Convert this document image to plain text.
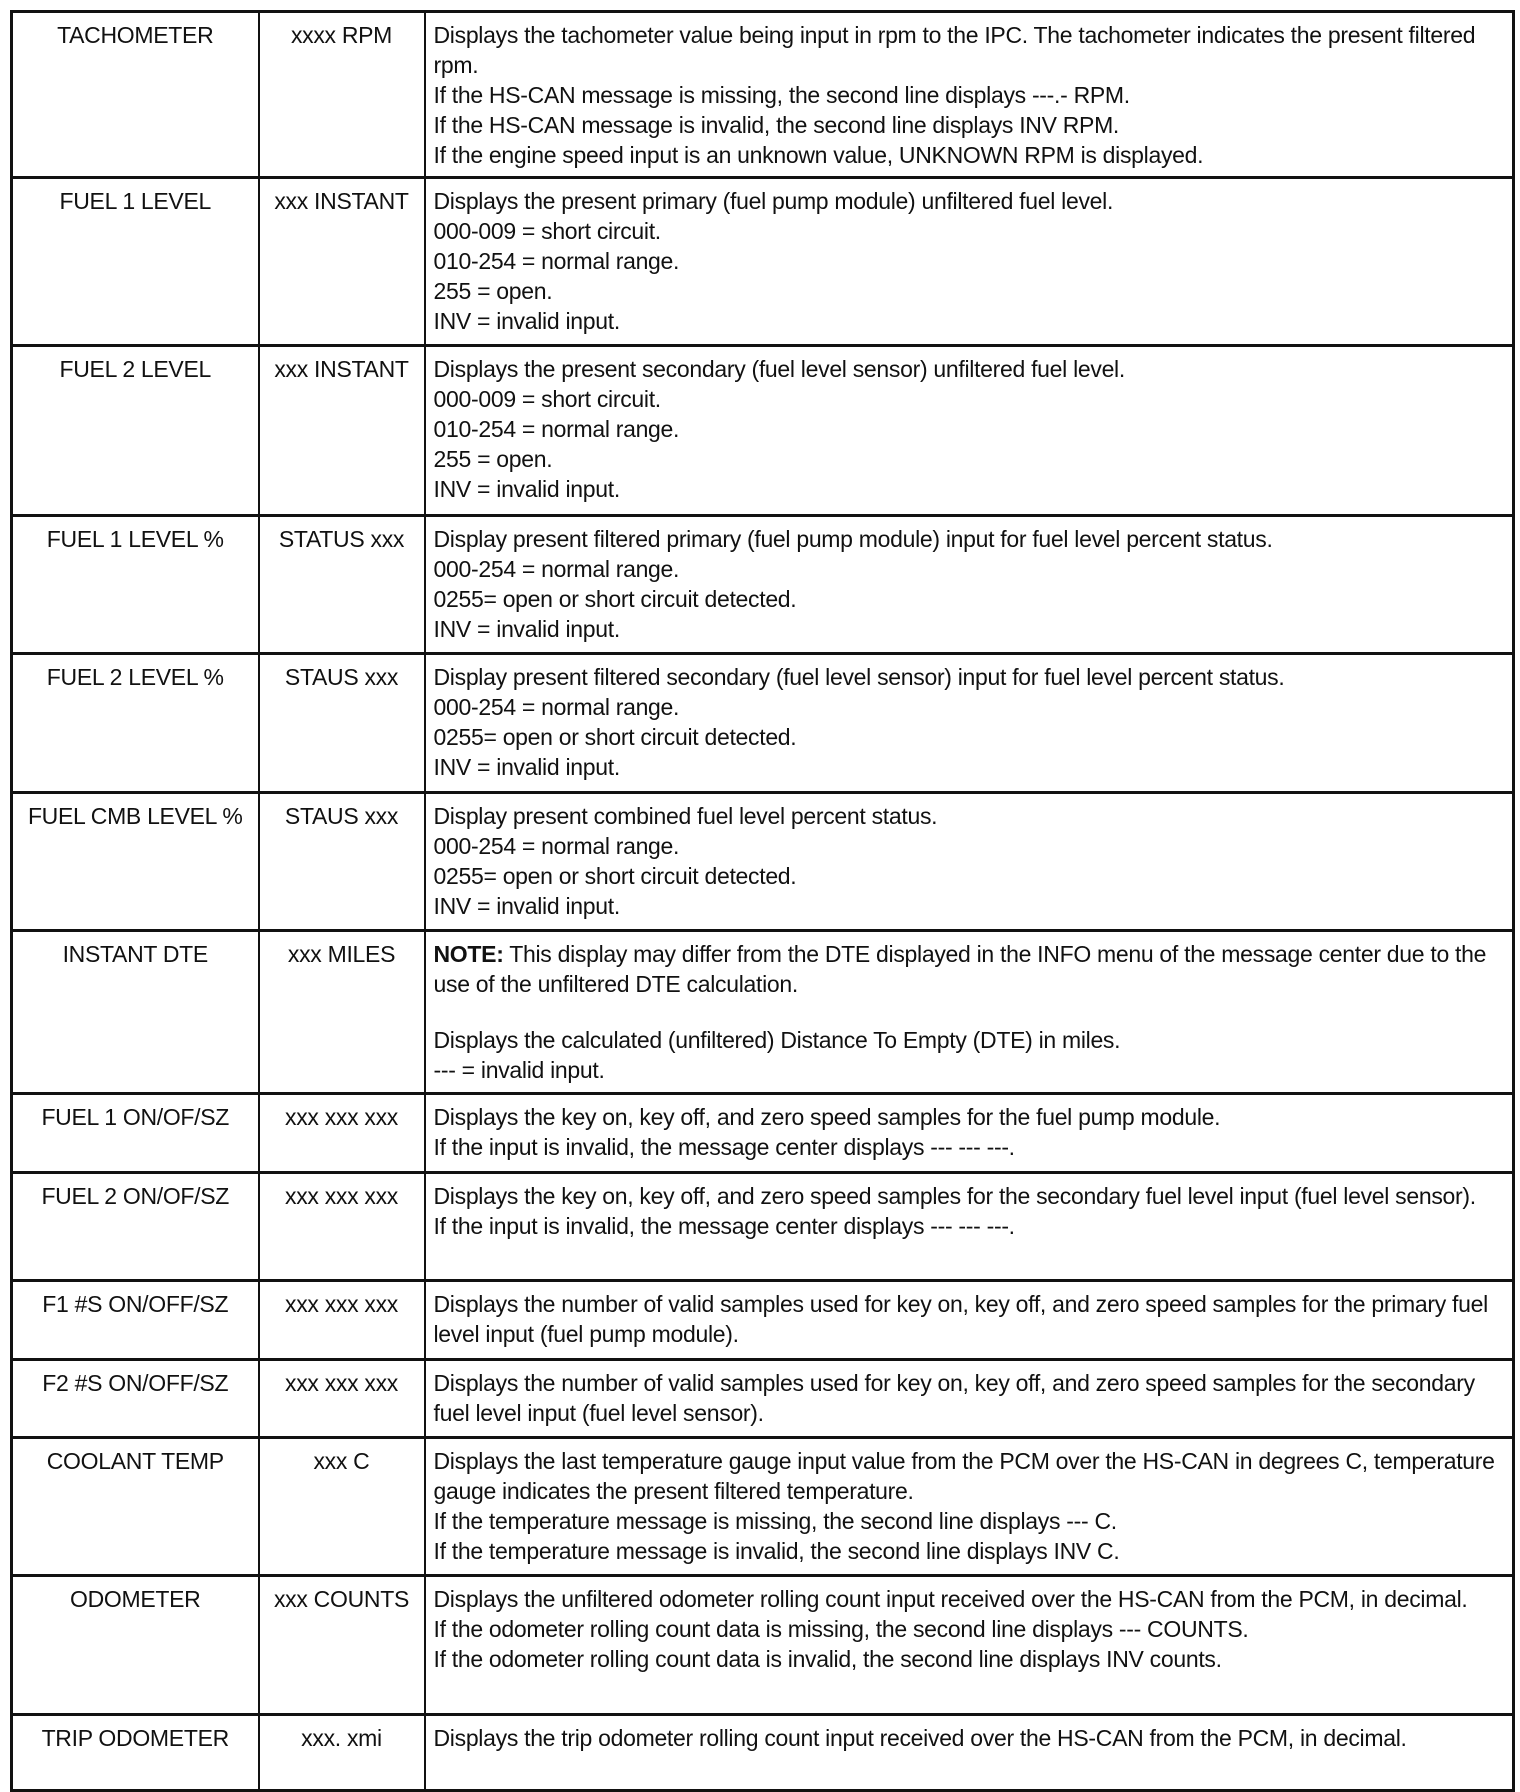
TACHOMETER	xxxx RPM	Displays the tachometer value being input in rpm to the IPC. The tachometer indicates the present filtered rpm.
If the HS-CAN message is missing, the second line displays ---.- RPM.
If the HS-CAN message is invalid, the second line displays INV RPM.
If the engine speed input is an unknown value, UNKNOWN RPM is displayed.

FUEL 1 LEVEL	xxx INSTANT	Displays the present primary (fuel pump module) unfiltered fuel level.
000-009 = short circuit.
010-254 = normal range.
255 = open.
INV = invalid input.

FUEL 2 LEVEL	xxx INSTANT	Displays the present secondary (fuel level sensor) unfiltered fuel level.
000-009 = short circuit.
010-254 = normal range.
255 = open.
INV = invalid input.

FUEL 1 LEVEL %	STATUS xxx	Display present filtered primary (fuel pump module) input for fuel level percent status.
000-254 = normal range.
0255= open or short circuit detected.
INV = invalid input.

FUEL 2 LEVEL %	STAUS xxx	Display present filtered secondary (fuel level sensor) input for fuel level percent status.
000-254 = normal range.
0255= open or short circuit detected.
INV = invalid input.

FUEL CMB LEVEL %	STAUS xxx	Display present combined fuel level percent status.
000-254 = normal range.
0255= open or short circuit detected.
INV = invalid input.

INSTANT DTE	xxx MILES	NOTE: This display may differ from the DTE displayed in the INFO menu of the message center due to the use of the unfiltered DTE calculation.
Displays the calculated (unfiltered) Distance To Empty (DTE) in miles.
--- = invalid input.

FUEL 1 ON/OF/SZ	xxx xxx xxx	Displays the key on, key off, and zero speed samples for the fuel pump module.
If the input is invalid, the message center displays --- --- ---.

FUEL 2 ON/OF/SZ	xxx xxx xxx	Displays the key on, key off, and zero speed samples for the secondary fuel level input (fuel level sensor).
If the input is invalid, the message center displays --- --- ---.

F1 #S ON/OFF/SZ	xxx xxx xxx	Displays the number of valid samples used for key on, key off, and zero speed samples for the primary fuel level input (fuel pump module).

F2 #S ON/OFF/SZ	xxx xxx xxx	Displays the number of valid samples used for key on, key off, and zero speed samples for the secondary fuel level input (fuel level sensor).

COOLANT TEMP	xxx C	Displays the last temperature gauge input value from the PCM over the HS-CAN in degrees C, temperature gauge indicates the present filtered temperature.
If the temperature message is missing, the second line displays --- C.
If the temperature message is invalid, the second line displays INV C.

ODOMETER	xxx COUNTS	Displays the unfiltered odometer rolling count input received over the HS-CAN from the PCM, in decimal.
If the odometer rolling count data is missing, the second line displays --- COUNTS.
If the odometer rolling count data is invalid, the second line displays INV counts.

TRIP ODOMETER	xxx. xmi	Displays the trip odometer rolling count input received over the HS-CAN from the PCM, in decimal.
